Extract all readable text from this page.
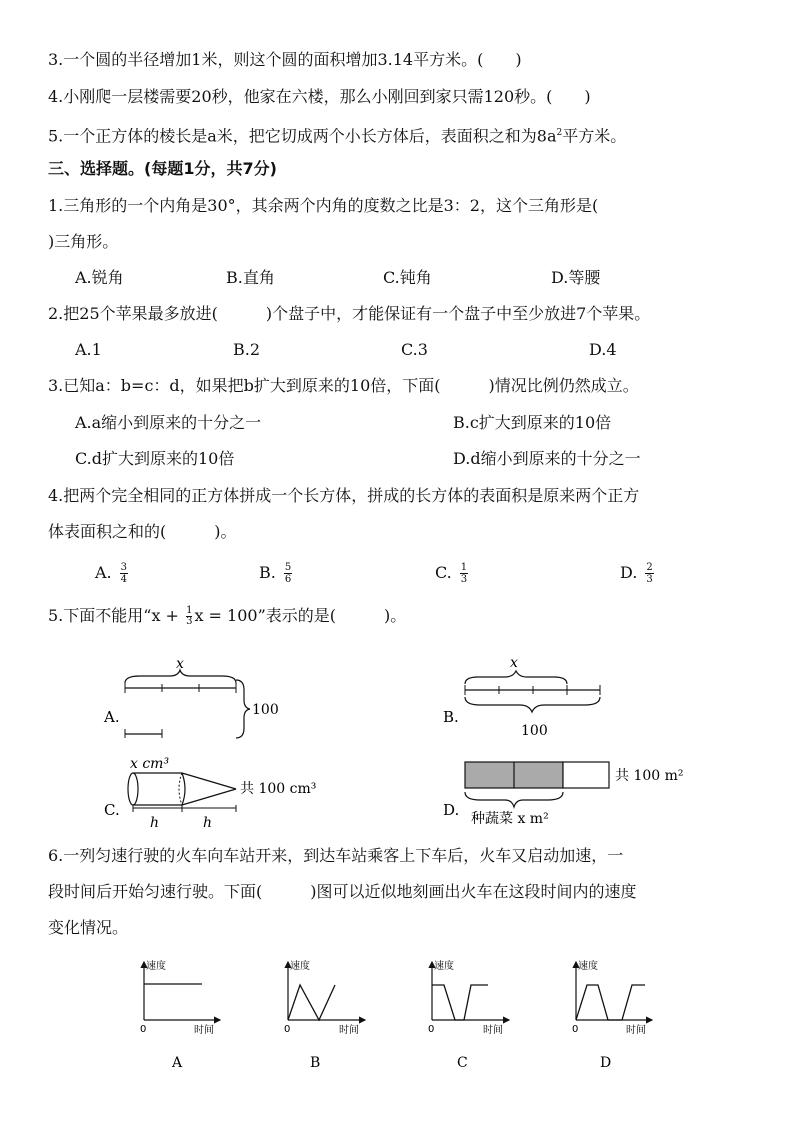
3.一个圆的半径增加1米，则这个圆的面积增加3.14平方米。(　　)
4.小刚爬一层楼需要20秒，他家在六楼，那么小刚回到家只需120秒。(　　)
5.一个正方体的棱长是a米，把它切成两个小长方体后，表面积之和为$8a^2$平方米。
三、选择题。(每题1分，共7分)
1.三角形的一个内角是30°，其余两个内角的度数之比是3：2，这个三角形是(
)三角形。
A.锐角	B.直角	C.钝角	D.等腰
2.把25个苹果最多放进(　　　)个盘子中，才能保证有一个盘子中至少放进7个苹果。
A.1	B.2	C.3	D.4
3.已知a：b=c：d，如果把b扩大到原来的10倍，下面(　　　)情况比例仍然成立。
A.a缩小到原来的十分之一	B.c扩大到原来的10倍
C.d扩大到原来的10倍	D.d缩小到原来的十分之一
4.把两个完全相同的正方体拼成一个长方体，拼成的长方体的表面积是原来两个正方
体表面积之和的(　　　)。
A. $\frac{3}{4}$	B. $\frac{5}{6}$	C. $\frac{1}{3}$	D. $\frac{2}{3}$
5.下面不能用“$x + \frac{1}{3}$ x = 100”表示的是(　　　)。
A.
x
100	B.
x
100
C.
x cm³
共 100 cm³
h	h
D.
共 100 m²
种蔬菜 x m²
6.一列匀速行驶的火车向车站开来，到达车站乘客上下车后，火车又启动加速，一
段时间后开始匀速行驶。下面(　　　)图可以近似地刻画出火车在这段时间内的速度
变化情况。
速度
0	时间
A
速度
0	时间
B
速度
0	时间
C
速度
0	时间
D
